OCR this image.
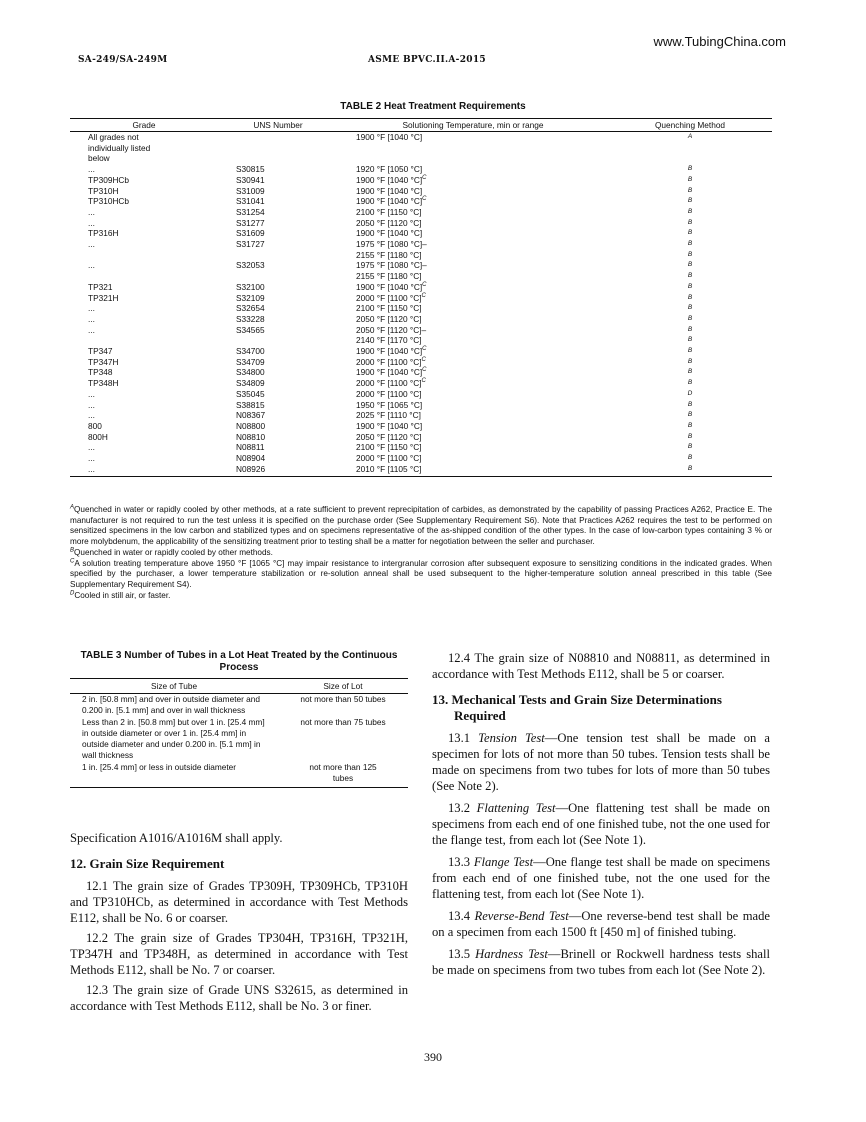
www.TubingChina.com
SA-249/SA-249M	ASME BPVC.II.A-2015
TABLE 2 Heat Treatment Requirements
Grade	UNS Number	Solutioning Temperature, min or range	Quenching Method
All grades not		1900 °F [1040 °C]	A
individually listed			
below			
...	S30815	1920 °F [1050 °C]	B
TP309HCb	S30941	1900 °F [1040 °C]$^C$	B
TP310H	S31009	1900 °F [1040 °C]	B
TP310HCb	S31041	1900 °F [1040 °C]$^C$	B
...	S31254	2100 °F [1150 °C]	B
...	S31277	2050 °F [1120 °C]	B
TP316H	S31609	1900 °F [1040 °C]	B
...	S31727	1975 °F [1080 °C]–	B
		2155 °F [1180 °C]	B
...	S32053	1975 °F [1080 °C]–	B
		2155 °F [1180 °C]	B
TP321	S32100	1900 °F [1040 °C]$^C$	B
TP321H	S32109	2000 °F [1100 °C]$^C$	B
...	S32654	2100 °F [1150 °C]	B
...	S33228	2050 °F [1120 °C]	B
...	S34565	2050 °F [1120 °C]–	B
		2140 °F [1170 °C]	B
TP347	S34700	1900 °F [1040 °C]$^C$	B
TP347H	S34709	2000 °F [1100 °C]$^C$	B
TP348	S34800	1900 °F [1040 °C]$^C$	B
TP348H	S34809	2000 °F [1100 °C]$^C$	B
...	S35045	2000 °F [1100 °C]	D
...	S38815	1950 °F [1065 °C]	B
...	N08367	2025 °F [1110 °C]	B
800	N08800	1900 °F [1040 °C]	B
800H	N08810	2050 °F [1120 °C]	B
...	N08811	2100 °F [1150 °C]	B
...	N08904	2000 °F [1100 °C]	B
...	N08926	2010 °F [1105 °C]	B

$^A$Quenched in water or rapidly cooled by other methods, at a rate sufficient to prevent reprecipitation of carbides, as demonstrated by the capability of passing Practices A262, Practice E. The manufacturer is not required to run the test unless it is specified on the purchase order (See Supplementary Requirement S6). Note that Practices A262 requires the test to be performed on sensitized specimens in the low carbon and stabilized types and on specimens representative of the as-shipped condition of the other types. In the case of low-carbon types containing 3 % or more molybdenum, the applicability of the sensitizing treatment prior to testing shall be a matter for negotiation between the seller and purchaser.

$^B$Quenched in water or rapidly cooled by other methods.

$^C$A solution treating temperature above 1950 °F [1065 °C] may impair resistance to intergranular corrosion after subsequent exposure to sensitizing conditions in the indicated grades. When specified by the purchaser, a lower temperature stabilization or re-solution anneal shall be used subsequent to the higher-temperature solution anneal prescribed in this table (See Supplementary Requirement S4).

$^D$Cooled in still air, or faster.

TABLE 3 Number of Tubes in a Lot Heat Treated by the Continuous Process
Size of Tube	Size of Lot
2 in. [50.8 mm] and over in outside diameter and 0.200 in. [5.1 mm] and over in wall thickness	not more than 50 tubes
Less than 2 in. [50.8 mm] but over 1 in. [25.4 mm] in outside diameter or over 1 in. [25.4 mm] in outside diameter and under 0.200 in. [5.1 mm] in wall thickness	not more than 75 tubes
1 in. [25.4 mm] or less in outside diameter	not more than 125 tubes

Specification A1016/A1016M shall apply.

12. Grain Size Requirement

12.1 The grain size of Grades TP309H, TP309HCb, TP310H and TP310HCb, as determined in accordance with Test Methods E112, shall be No. 6 or coarser.

12.2 The grain size of Grades TP304H, TP316H, TP321H, TP347H and TP348H, as determined in accordance with Test Methods E112, shall be No. 7 or coarser.

12.3 The grain size of Grade UNS S32615, as determined in accordance with Test Methods E112, shall be No. 3 or finer.

12.4 The grain size of N08810 and N08811, as determined in accordance with Test Methods E112, shall be 5 or coarser.

13. Mechanical Tests and Grain Size Determinations
Required

13.1 Tension Test—One tension test shall be made on a specimen for lots of not more than 50 tubes. Tension tests shall be made on specimens from two tubes for lots of more than 50 tubes (See Note 2).

13.2 Flattening Test—One flattening test shall be made on specimens from each end of one finished tube, not the one used for the flange test, from each lot (See Note 1).

13.3 Flange Test—One flange test shall be made on specimens from each end of one finished tube, not the one used for the flattening test, from each lot (See Note 1).

13.4 Reverse-Bend Test—One reverse-bend test shall be made on a specimen from each 1500 ft [450 m] of finished tubing.

13.5 Hardness Test—Brinell or Rockwell hardness tests shall be made on specimens from two tubes from each lot (See Note 2).

390
